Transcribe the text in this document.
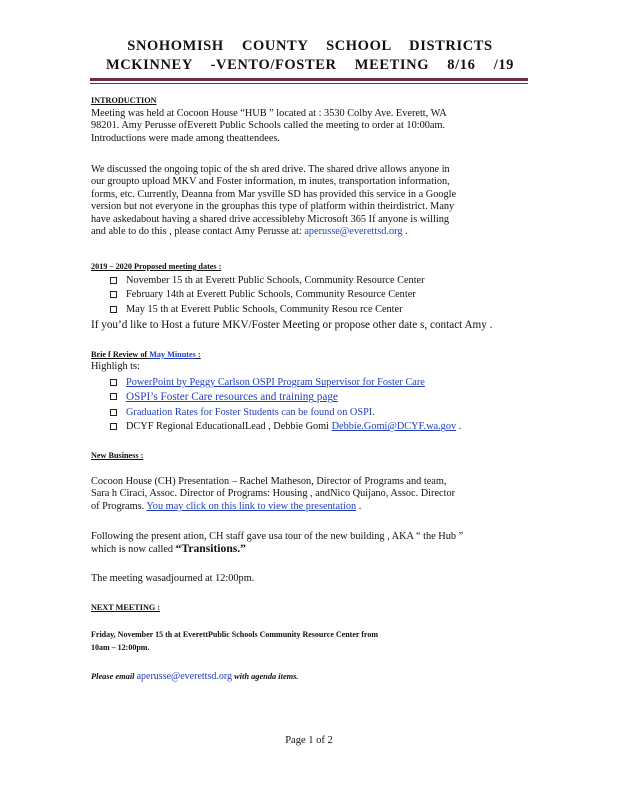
SNOHOMISH COUNTY SCHOOL DISTRICTS
MCKINNEY -VENTO/FOSTER MEETING 8/16 /19
INTRODUCTION
Meeting was held at Cocoon House “HUB ” located at : 3530 Colby Ave. Everett, WA
98201. Amy Perusse ofEverett Public Schools called the meeting to order at 10:00am.
Introductions were made among theattendees.
We discussed the ongoing topic of the sh ared drive. The shared drive allows anyone in
our groupto upload MKV and Foster information, m inutes, transportation information,
forms, etc. Currently, Deanna from Mar ysville SD has provided this service in a Google
version but not everyone in the grouphas this type of platform within theirdistrict. Many
have askedabout having a shared drive accessibleby Microsoft 365 If anyone is willing
and able to do this , please contact Amy Perusse at: aperusse@everettsd.org .
2019 – 2020 Proposed meeting dates :
November 15 th at Everett Public Schools, Community Resource Center
February 14th at Everett Public Schools, Community Resource Center
May 15 th at Everett Public Schools, Community Resou rce Center
If you’d like to Host a future MKV/Foster Meeting or propose other date s, contact Amy .
Brie f Review of May Minutes :
Highligh ts:
PowerPoint by Peggy Carlson OSPI Program Supervisor for Foster Care
OSPI’s Foster Care resources and training page
Graduation Rates for Foster Students can be found on OSPI.
DCYF Regional EducationalLead , Debbie Gomi Debbie.Gomi@DCYF.wa.gov .
New Business :
Cocoon House (CH) Presentation – Rachel Matheson, Director of Programs and team,
Sara h Ciraci, Assoc. Director of Programs: Housing , andNico Quijano, Assoc. Director
of Programs. You may click on this link to view the presentation .
Following the present ation, CH staff gave usa tour of the new building , AKA “ the Hub ”
which is now called “Transitions.”
The meeting wasadjourned at 12:00pm.
NEXT MEETING :
Friday, November 15 th at EverettPublic Schools Community Resource Center from
10am – 12:00pm.
Please email aperusse@everettsd.org with agenda items.
Page 1 of 2
